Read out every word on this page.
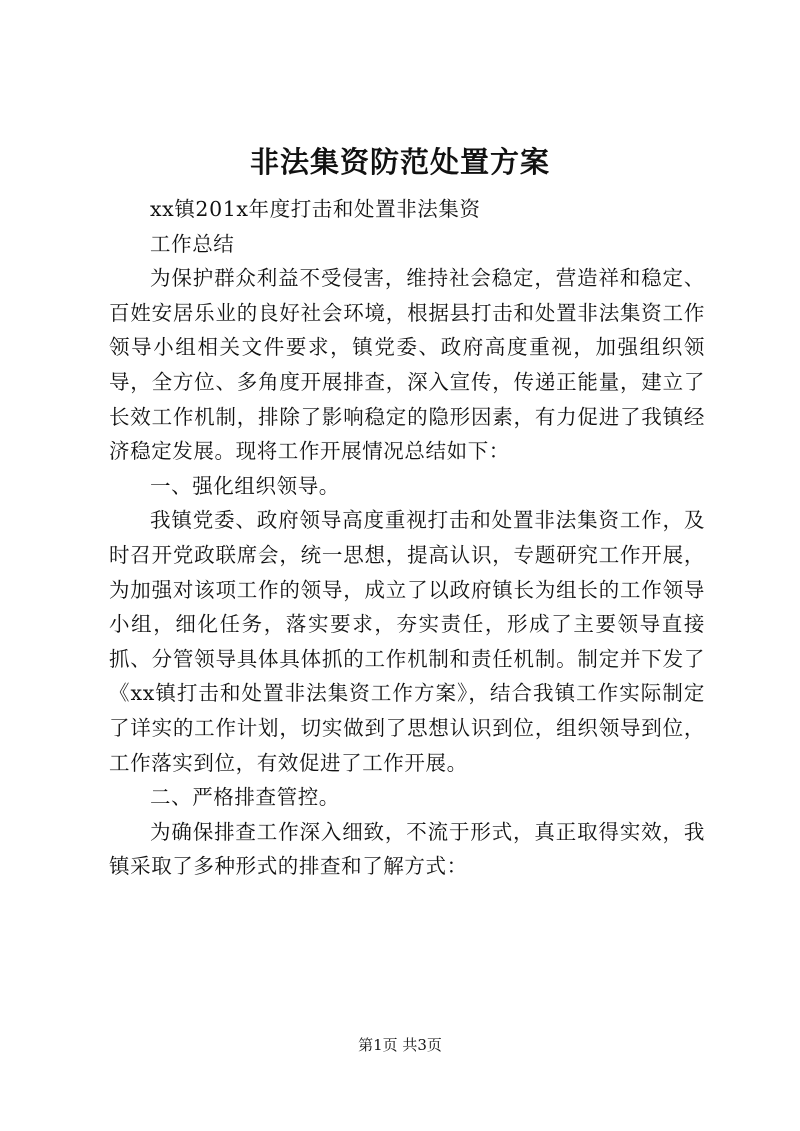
非法集资防范处置方案

xx镇201x年度打击和处置非法集资

工作总结

为保护群众利益不受侵害，维持社会稳定，营造祥和稳定、百姓安居乐业的良好社会环境，根据县打击和处置非法集资工作领导小组相关文件要求，镇党委、政府高度重视，加强组织领导，全方位、多角度开展排查，深入宣传，传递正能量，建立了长效工作机制，排除了影响稳定的隐形因素，有力促进了我镇经济稳定发展。现将工作开展情况总结如下：

一、强化组织领导。

我镇党委、政府领导高度重视打击和处置非法集资工作，及时召开党政联席会，统一思想，提高认识，专题研究工作开展，为加强对该项工作的领导，成立了以政府镇长为组长的工作领导小组，细化任务，落实要求，夯实责任，形成了主要领导直接抓、分管领导具体具体抓的工作机制和责任机制。制定并下发了《xx镇打击和处置非法集资工作方案》，结合我镇工作实际制定了详实的工作计划，切实做到了思想认识到位，组织领导到位，工作落实到位，有效促进了工作开展。

二、严格排查管控。

为确保排查工作深入细致，不流于形式，真正取得实效，我镇采取了多种形式的排查和了解方式：

第1页 共3页
